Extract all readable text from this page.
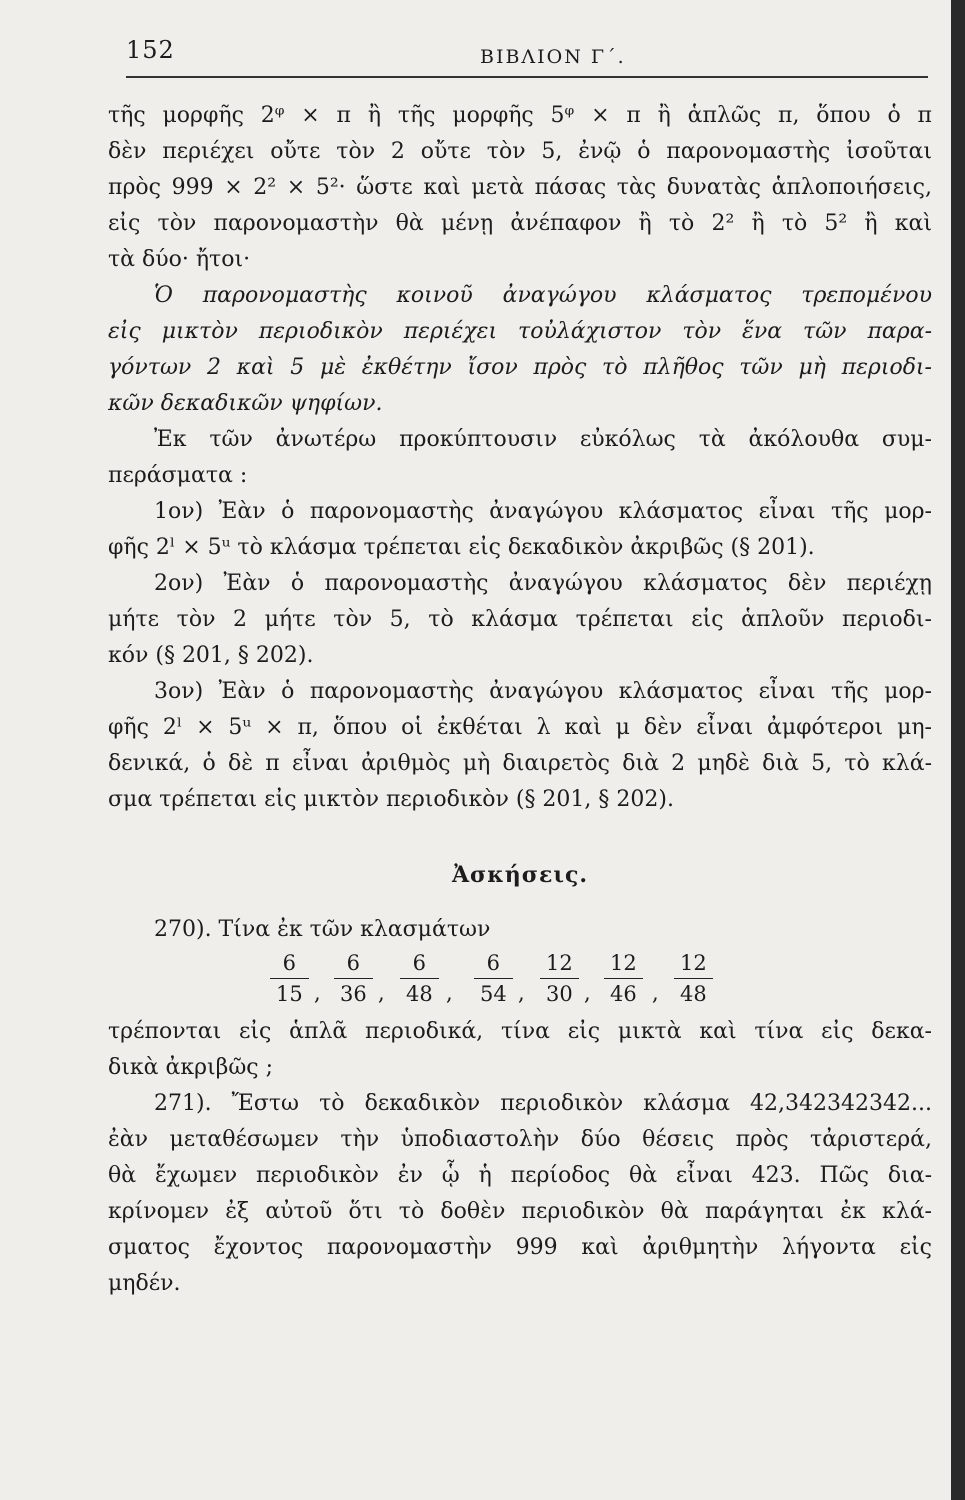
152	ΒΙΒΛΙΟΝ Γ΄.
τῆς μορφῆς 2ᵠ × π ἢ τῆς μορφῆς 5ᵠ × π ἢ ἁπλῶς π, ὅπου ὁ π
δὲν περιέχει οὔτε τὸν 2 οὔτε τὸν 5, ἐνῷ ὁ παρονομαστὴς ἰσοῦται
πρὸς 999 × 2² × 5²· ὥστε καὶ μετὰ πάσας τὰς δυνατὰς ἁπλοποιήσεις,
εἰς τὸν παρονομαστὴν θὰ μένῃ ἀνέπαφον ἢ τὸ 2² ἢ τὸ 5² ἢ καὶ
τὰ δύο· ἤτοι·
Ὁ παρονομαστὴς κοινοῦ ἀναγώγου κλάσματος τρεπομένου
εἰς μικτὸν περιοδικὸν περιέχει τοὐλάχιστον τὸν ἕνα τῶν παρα-
γόντων 2 καὶ 5 μὲ ἐκθέτην ἴσον πρὸς τὸ πλῆθος τῶν μὴ περιοδι-
κῶν δεκαδικῶν ψηφίων.
Ἐκ τῶν ἀνωτέρω προκύπτουσιν εὐκόλως τὰ ἀκόλουθα συμ-
περάσματα :
1ον) Ἐὰν ὁ παρονομαστὴς ἀναγώγου κλάσματος εἶναι τῆς μορ-
φῆς 2ˡ × 5ᵘ τὸ κλάσμα τρέπεται εἰς δεκαδικὸν ἀκριβῶς (§ 201).
2ον) Ἐὰν ὁ παρονομαστὴς ἀναγώγου κλάσματος δὲν περιέχῃ
μήτε τὸν 2 μήτε τὸν 5, τὸ κλάσμα τρέπεται εἰς ἁπλοῦν περιοδι-
κόν (§ 201, § 202).
3ον) Ἐὰν ὁ παρονομαστὴς ἀναγώγου κλάσματος εἶναι τῆς μορ-
φῆς 2ˡ × 5ᵘ × π, ὅπου οἱ ἐκθέται λ καὶ μ δὲν εἶναι ἀμφότεροι μη-
δενικά, ὁ δὲ π εἶναι ἀριθμὸς μὴ διαιρετὸς διὰ 2 μηδὲ διὰ 5, τὸ κλά-
σμα τρέπεται εἰς μικτὸν περιοδικὸν (§ 201, § 202).
Ἀσκήσεις.
270). Τίνα ἐκ τῶν κλασμάτων
$\frac{6}{15}$ , $\frac{6}{36}$ , $\frac{6}{48}$ , $\frac{6}{54}$ , $\frac{12}{30}$ , $\frac{12}{46}$ , $\frac{12}{48}$
τρέπονται εἰς ἁπλᾶ περιοδικά, τίνα εἰς μικτὰ καὶ τίνα εἰς δεκα-
δικὰ ἀκριβῶς ;
271). Ἔστω τὸ δεκαδικὸν περιοδικὸν κλάσμα 42,342342342...
ἐὰν μεταθέσωμεν τὴν ὑποδιαστολὴν δύο θέσεις πρὸς τἀριστερά,
θὰ ἔχωμεν περιοδικὸν ἐν ᾧ ἡ περίοδος θὰ εἶναι 423. Πῶς δια-
κρίνομεν ἐξ αὐτοῦ ὅτι τὸ δοθὲν περιοδικὸν θὰ παράγηται ἐκ κλά-
σματος ἔχοντος παρονομαστὴν 999 καὶ ἀριθμητὴν λήγοντα εἰς
μηδέν.
